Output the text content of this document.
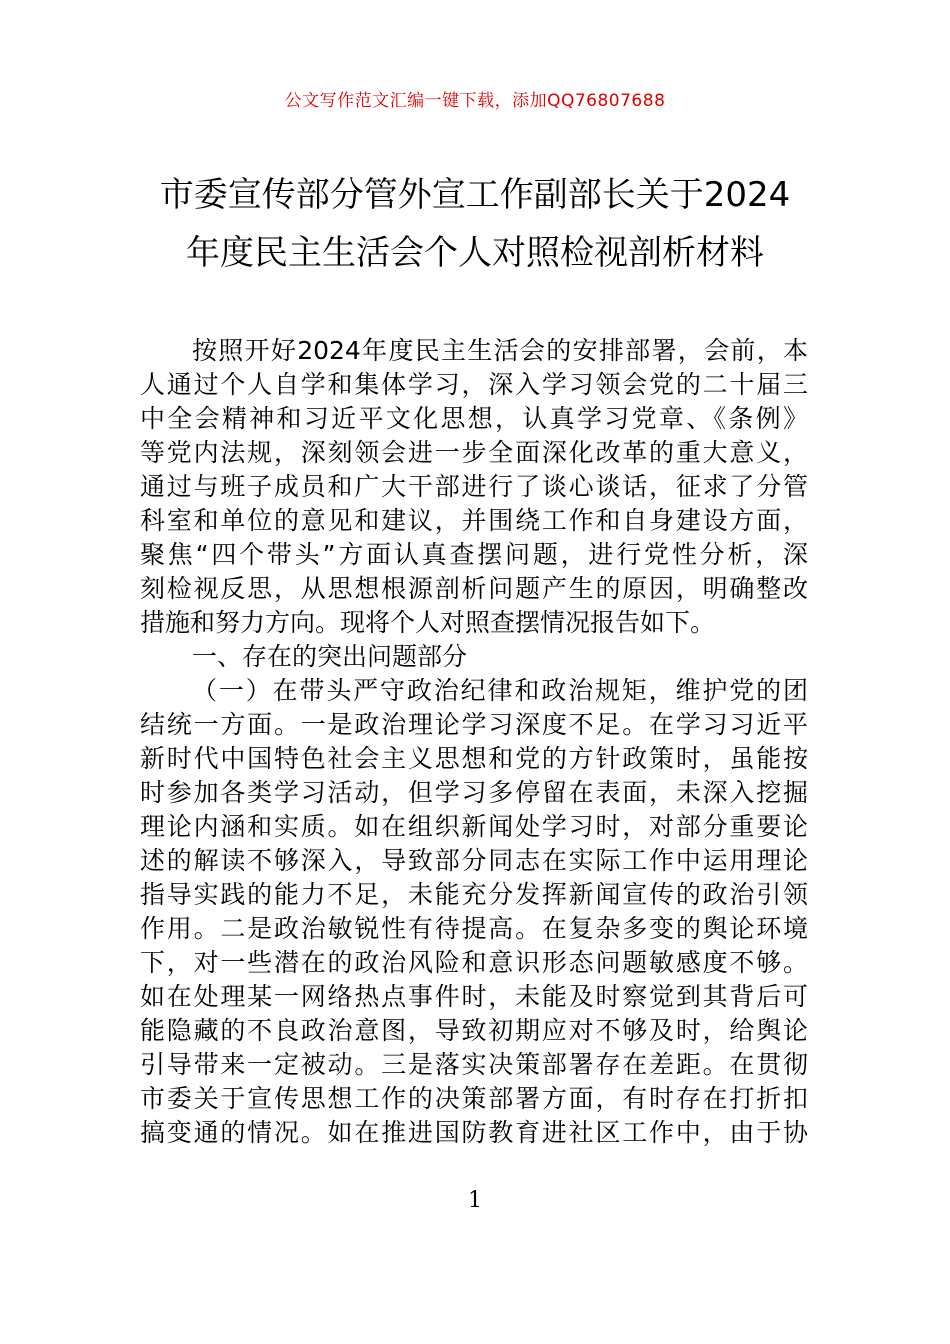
公文写作范文汇编一键下载，添加QQ76807688
市委宣传部分管外宣工作副部长关于2024
年度民主生活会个人对照检视剖析材料
按照开好2024年度民主生活会的安排部署，会前，本
人通过个人自学和集体学习，深入学习领会党的二十届三
中全会精神和习近平文化思想，认真学习党章、《条例》
等党内法规，深刻领会进一步全面深化改革的重大意义，
通过与班子成员和广大干部进行了谈心谈话，征求了分管
科室和单位的意见和建议，并围绕工作和自身建设方面，
聚焦“四个带头”方面认真查摆问题，进行党性分析，深
刻检视反思，从思想根源剖析问题产生的原因，明确整改
措施和努力方向。现将个人对照查摆情况报告如下。
一、存在的突出问题部分
（一）在带头严守政治纪律和政治规矩，维护党的团
结统一方面。一是政治理论学习深度不足。在学习习近平
新时代中国特色社会主义思想和党的方针政策时，虽能按
时参加各类学习活动，但学习多停留在表面，未深入挖掘
理论内涵和实质。如在组织新闻处学习时，对部分重要论
述的解读不够深入，导致部分同志在实际工作中运用理论
指导实践的能力不足，未能充分发挥新闻宣传的政治引领
作用。二是政治敏锐性有待提高。在复杂多变的舆论环境
下，对一些潜在的政治风险和意识形态问题敏感度不够。
如在处理某一网络热点事件时，未能及时察觉到其背后可
能隐藏的不良政治意图，导致初期应对不够及时，给舆论
引导带来一定被动。三是落实决策部署存在差距。在贯彻
市委关于宣传思想工作的决策部署方面，有时存在打折扣
搞变通的情况。如在推进国防教育进社区工作中，由于协
1
